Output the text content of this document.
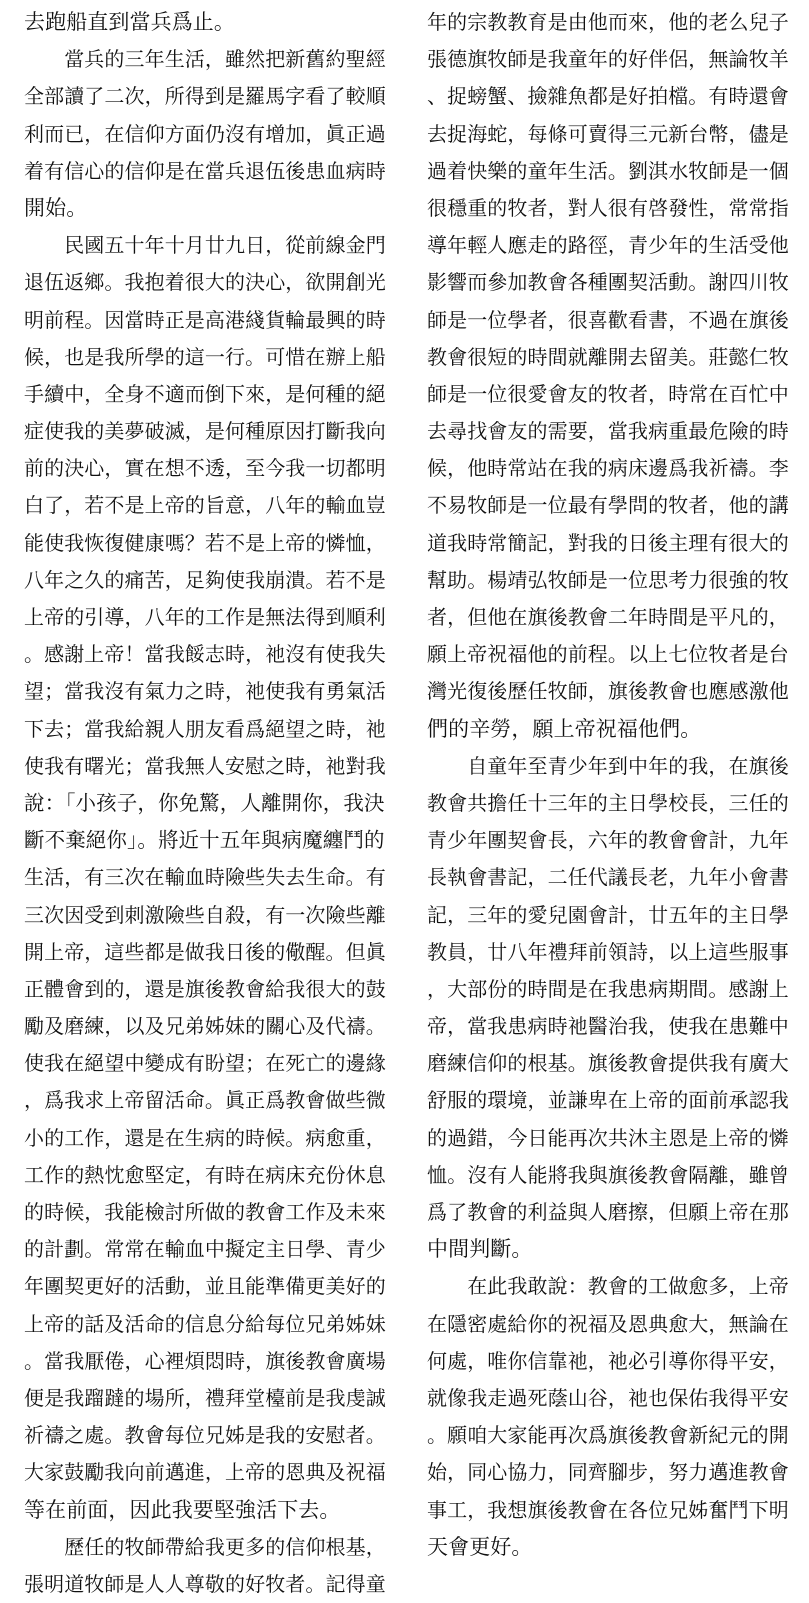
去跑船直到當兵爲止。
　　當兵的三年生活，雖然把新舊約聖經
全部讀了二次，所得到是羅馬字看了較順
利而已，在信仰方面仍沒有增加，眞正過
着有信心的信仰是在當兵退伍後患血病時
開始。
　　民國五十年十月廿九日，從前線金門
退伍返鄉。我抱着很大的決心，欲開創光
明前程。因當時正是高港綫貨輪最興的時
候，也是我所學的這一行。可惜在辦上船
手續中，全身不適而倒下來，是何種的絕
症使我的美夢破滅，是何種原因打斷我向
前的決心，實在想不透，至今我一切都明
白了，若不是上帝的旨意，八年的輸血豈
能使我恢復健康嗎？若不是上帝的憐恤，
八年之久的痛苦，足夠使我崩潰。若不是
上帝的引導，八年的工作是無法得到順利
。感謝上帝！當我餒志時，祂沒有使我失
望；當我沒有氣力之時，祂使我有勇氣活
下去；當我給親人朋友看爲絕望之時，祂
使我有曙光；當我無人安慰之時，祂對我
說：「小孩子，你免驚，人離開你，我決
斷不棄絕你」。將近十五年與病魔纏鬥的
生活，有三次在輸血時險些失去生命。有
三次因受到刺激險些自殺，有一次險些離
開上帝，這些都是做我日後的儆醒。但眞
正體會到的，還是旗後教會給我很大的鼓
勵及磨練，以及兄弟姊妹的關心及代禱。
使我在絕望中變成有盼望；在死亡的邊緣
，爲我求上帝留活命。眞正爲教會做些微
小的工作，還是在生病的時候。病愈重，
工作的熱忱愈堅定，有時在病床充份休息
的時候，我能檢討所做的教會工作及未來
的計劃。常常在輸血中擬定主日學、青少
年團契更好的活動，並且能準備更美好的
上帝的話及活命的信息分給每位兄弟姊妹
。當我厭倦，心裡煩悶時，旗後教會廣場
便是我蹓躂的場所，禮拜堂檯前是我虔誠
祈禱之處。教會每位兄姊是我的安慰者。
大家鼓勵我向前邁進，上帝的恩典及祝福
等在前面，因此我要堅強活下去。
　　歷任的牧師帶給我更多的信仰根基，
張明道牧師是人人尊敬的好牧者。記得童
年的宗教教育是由他而來，他的老么兒子
張德旗牧師是我童年的好伴侶，無論牧羊
、捉螃蟹、撿雜魚都是好拍檔。有時還會
去捉海蛇，每條可賣得三元新台幣，儘是
過着快樂的童年生活。劉淇水牧師是一個
很穩重的牧者，對人很有啓發性，常常指
導年輕人應走的路徑，青少年的生活受他
影響而參加教會各種團契活動。謝四川牧
師是一位學者，很喜歡看書，不過在旗後
教會很短的時間就離開去留美。莊懿仁牧
師是一位很愛會友的牧者，時常在百忙中
去尋找會友的需要，當我病重最危險的時
候，他時常站在我的病床邊爲我祈禱。李
不易牧師是一位最有學問的牧者，他的講
道我時常簡記，對我的日後主理有很大的
幫助。楊靖弘牧師是一位思考力很強的牧
者，但他在旗後教會二年時間是平凡的，
願上帝祝福他的前程。以上七位牧者是台
灣光復後歷任牧師，旗後教會也應感激他
們的辛勞，願上帝祝福他們。
　　自童年至青少年到中年的我，在旗後
教會共擔任十三年的主日學校長，三任的
青少年團契會長，六年的教會會計，九年
長執會書記，二任代議長老，九年小會書
記，三年的愛兒園會計，廿五年的主日學
教員，廿八年禮拜前領詩，以上這些服事
，大部份的時間是在我患病期間。感謝上
帝，當我患病時祂醫治我，使我在患難中
磨練信仰的根基。旗後教會提供我有廣大
舒服的環境，並謙卑在上帝的面前承認我
的過錯，今日能再次共沐主恩是上帝的憐
恤。沒有人能將我與旗後教會隔離，雖曾
爲了教會的利益與人磨擦，但願上帝在那
中間判斷。
　　在此我敢說：教會的工做愈多，上帝
在隱密處給你的祝福及恩典愈大，無論在
何處，唯你信靠祂，祂必引導你得平安，
就像我走過死蔭山谷，祂也保佑我得平安
。願咱大家能再次爲旗後教會新紀元的開
始，同心協力，同齊腳步，努力邁進教會
事工，我想旗後教會在各位兄姊奮鬥下明
天會更好。
